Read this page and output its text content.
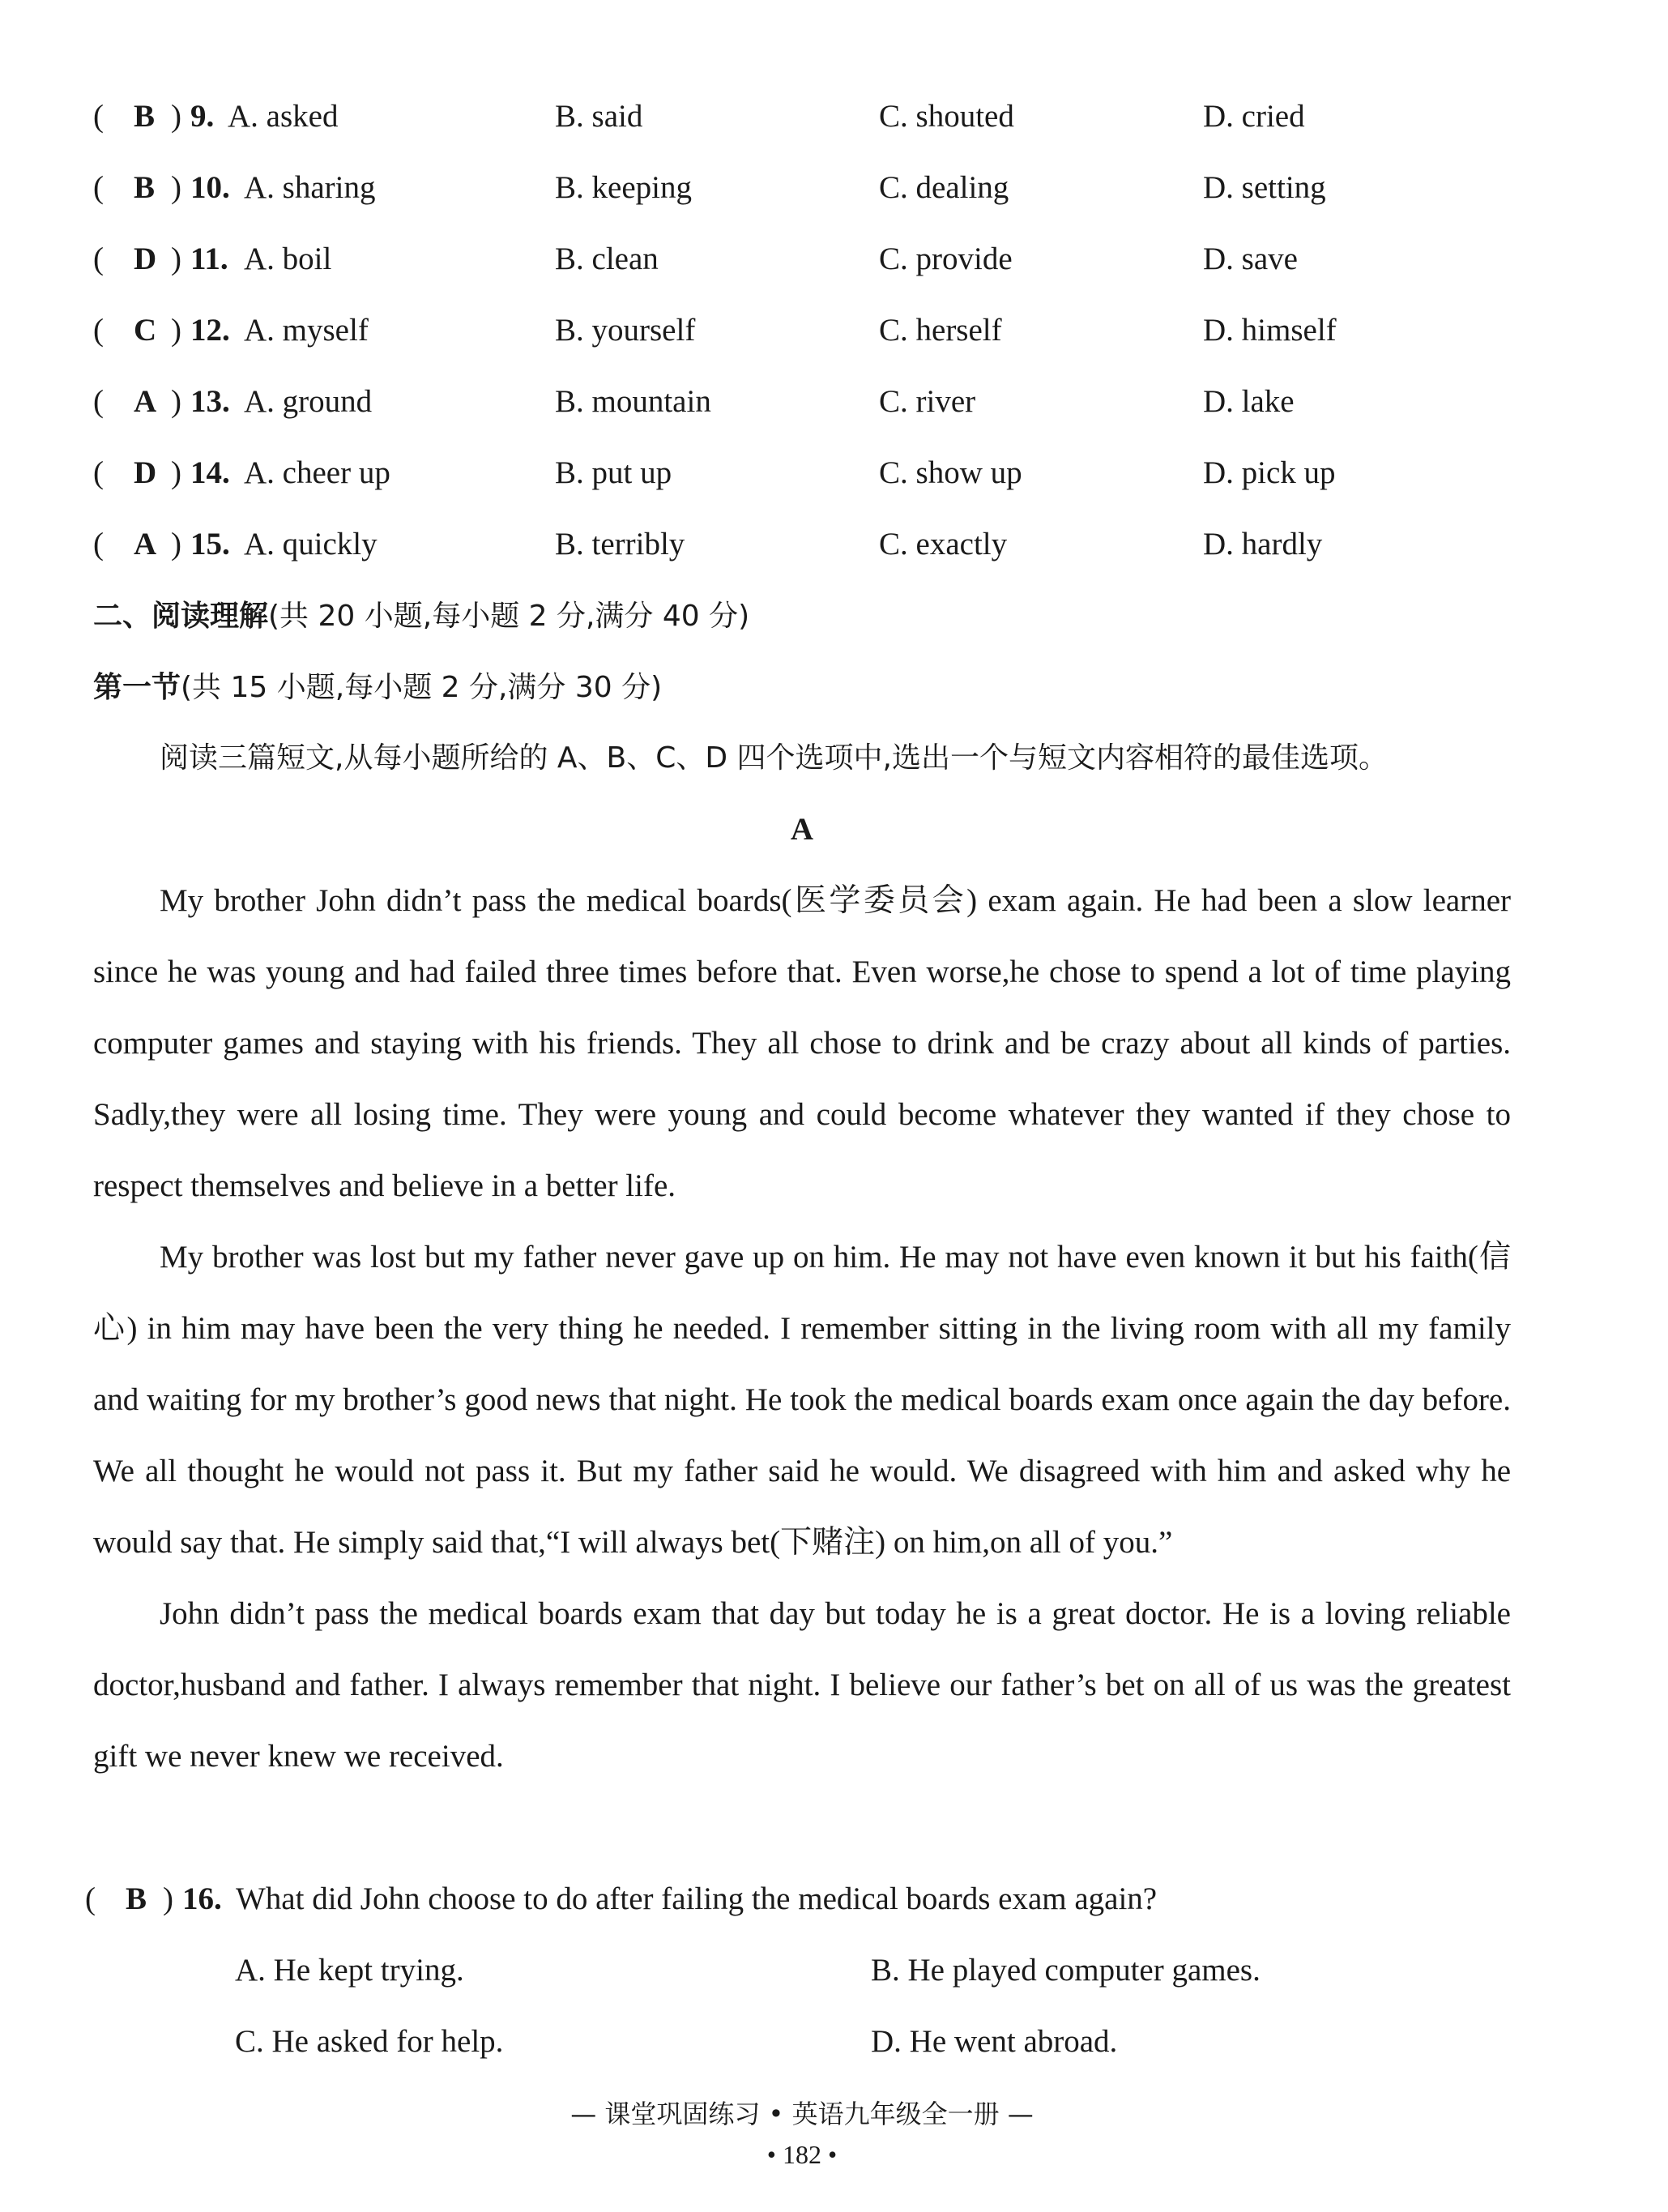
( B ) 9. A. asked	B. said	C. shouted	D. cried
( B ) 10. A. sharing	B. keeping	C. dealing	D. setting
( D ) 11. A. boil	B. clean	C. provide	D. save
( C ) 12. A. myself	B. yourself	C. herself	D. himself
( A ) 13. A. ground	B. mountain	C. river	D. lake
( D ) 14. A. cheer up	B. put up	C. show up	D. pick up
( A ) 15. A. quickly	B. terribly	C. exactly	D. hardly
二、阅读理解(共 20 小题,每小题 2 分,满分 40 分)
第一节(共 15 小题,每小题 2 分,满分 30 分)
阅读三篇短文,从每小题所给的 A、B、C、D 四个选项中,选出一个与短文内容相符的最佳选项。
A

My brother John didn’t pass the medical boards(医学委员会) exam again. He had been a slow learner since he was young and had failed three times before that. Even worse,he chose to spend a lot of time playing computer games and staying with his friends. They all chose to drink and be crazy about all kinds of parties. Sadly,they were all losing time. They were young and could become whatever they wanted if they chose to respect themselves and believe in a better life.

My brother was lost but my father never gave up on him. He may not have even known it but his faith(信心) in him may have been the very thing he needed. I remember sitting in the living room with all my family and waiting for my brother’s good news that night. He took the medical boards exam once again the day before. We all thought he would not pass it. But my father said he would. We disagreed with him and asked why he would say that. He simply said that,“I will always bet(下赌注) on him,on all of you.”

John didn’t pass the medical boards exam that day but today he is a great doctor. He is a loving reliable doctor,husband and father. I always remember that night. I believe our father’s bet on all of us was the greatest gift we never knew we received.

( B ) 16. What did John choose to do after failing the medical boards exam again?
A. He kept trying.	B. He played computer games.
C. He asked for help.	D. He went abroad.
— 课堂巩固练习 • 英语九年级全一册 —
• 182 •
